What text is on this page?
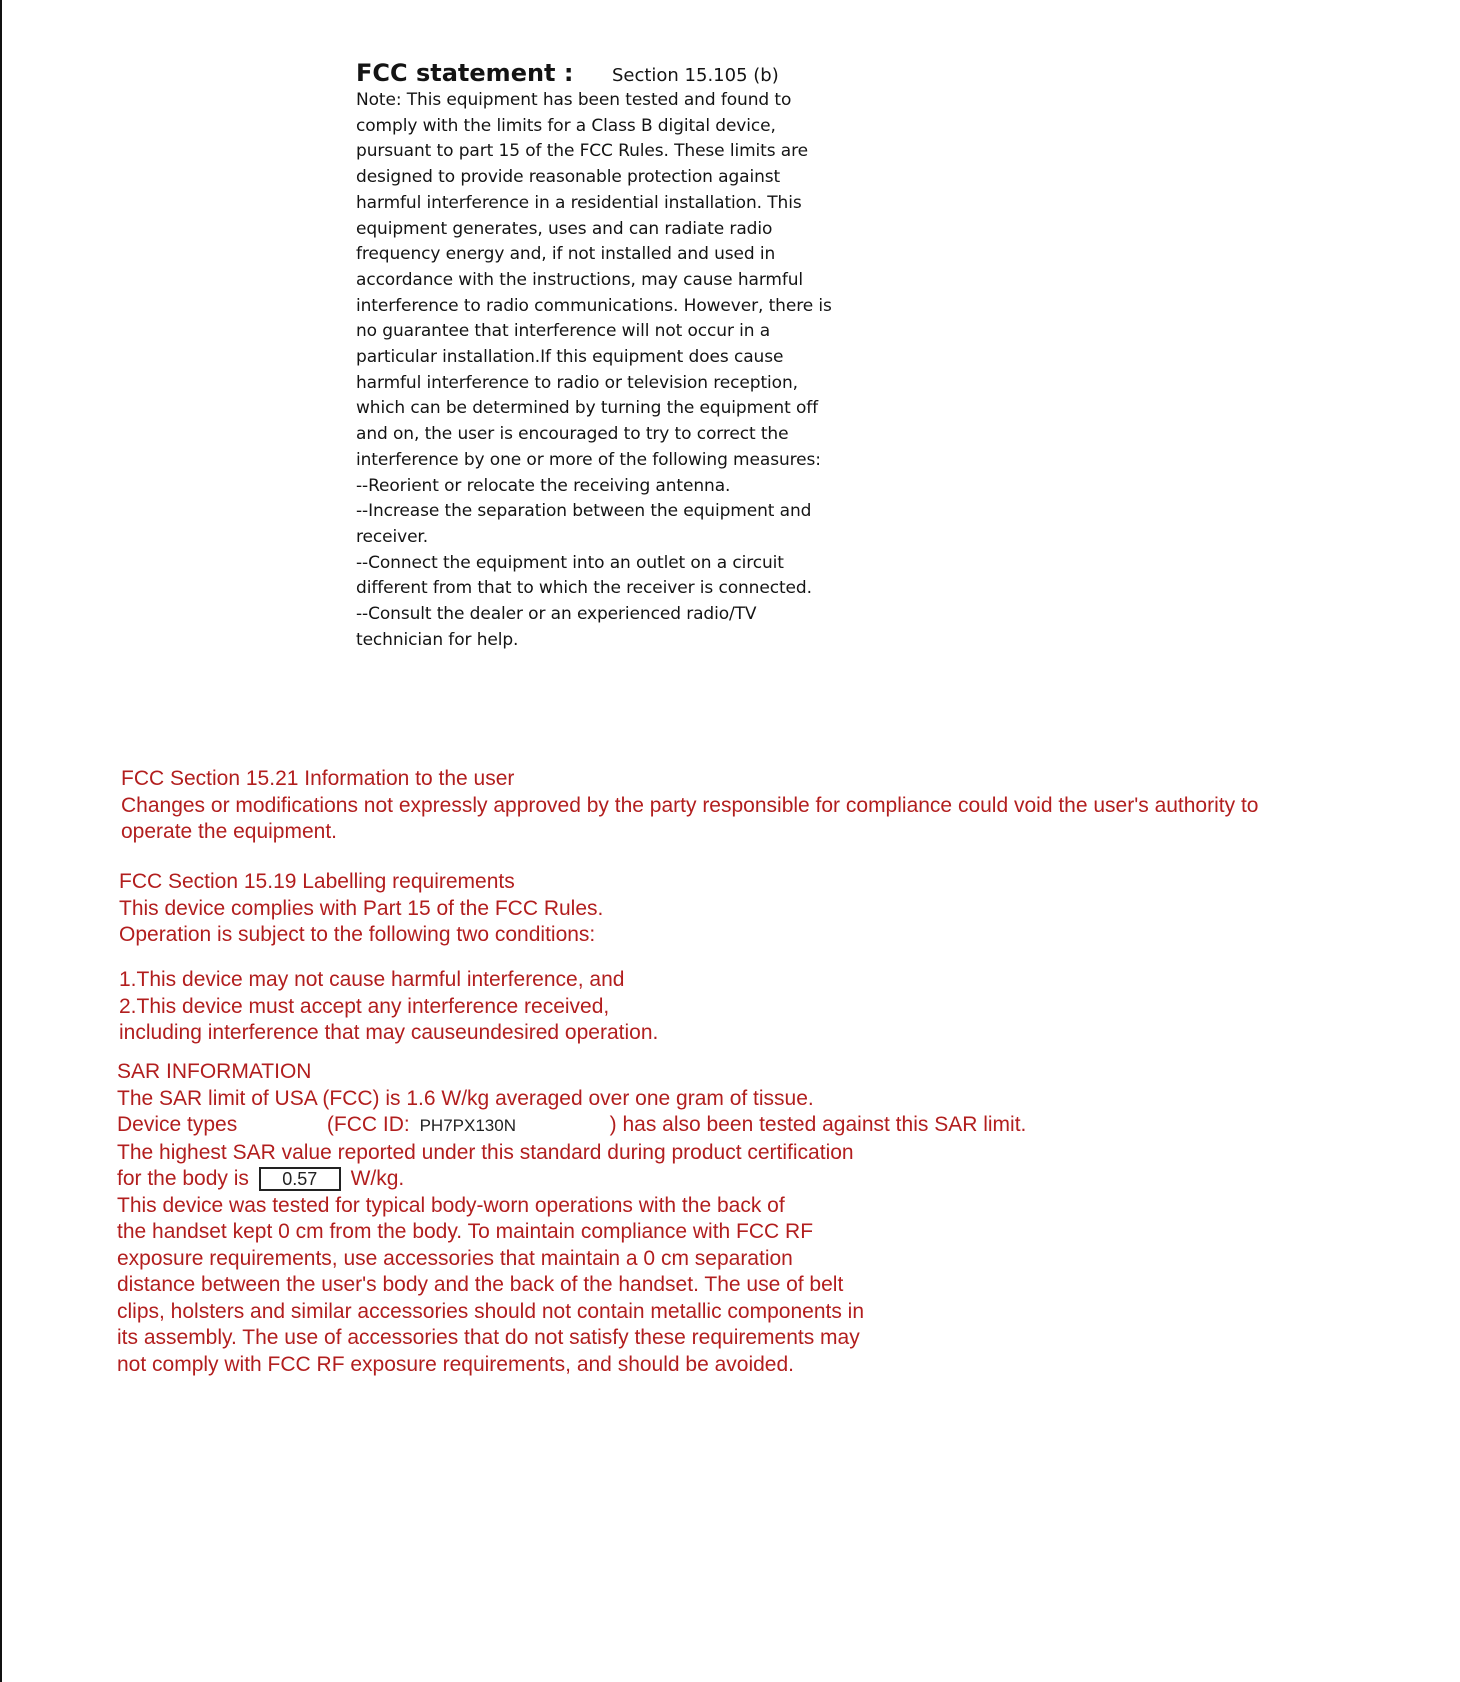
FCC statement : Section 15.105 (b)
Note: This equipment has been tested and found to
comply with the limits for a Class B digital device,
pursuant to part 15 of the FCC Rules. These limits are
designed to provide reasonable protection against
harmful interference in a residential installation. This
equipment generates, uses and can radiate radio
frequency energy and, if not installed and used in
accordance with the instructions, may cause harmful
interference to radio communications. However, there is
no guarantee that interference will not occur in a
particular installation.If this equipment does cause
harmful interference to radio or television reception,
which can be determined by turning the equipment off
and on, the user is encouraged to try to correct the
interference by one or more of the following measures:
--Reorient or relocate the receiving antenna.
--Increase the separation between the equipment and
receiver.
--Connect the equipment into an outlet on a circuit
different from that to which the receiver is connected.
--Consult the dealer or an experienced radio/TV
technician for help.
FCC Section 15.21 Information to the user
Changes or modifications not expressly approved by the party responsible for compliance could void the user's authority to
operate the equipment.
FCC Section 15.19 Labelling requirements
This device complies with Part 15 of the FCC Rules.
Operation is subject to the following two conditions:
1.This device may not cause harmful interference, and
2.This device must accept any interference received,
including interference that may causeundesired operation.
SAR INFORMATION
The SAR limit of USA (FCC) is 1.6 W/kg averaged over one gram of tissue.
Device types	(FCC ID: PH7PX130N	) has also been tested against this SAR limit.
The highest SAR value reported under this standard during product certification
for the body is 0.57 W/kg.
This device was tested for typical body-worn operations with the back of
the handset kept 0 cm from the body. To maintain compliance with FCC RF
exposure requirements, use accessories that maintain a 0 cm separation
distance between the user's body and the back of the handset. The use of belt
clips, holsters and similar accessories should not contain metallic components in
its assembly. The use of accessories that do not satisfy these requirements may
not comply with FCC RF exposure requirements, and should be avoided.
